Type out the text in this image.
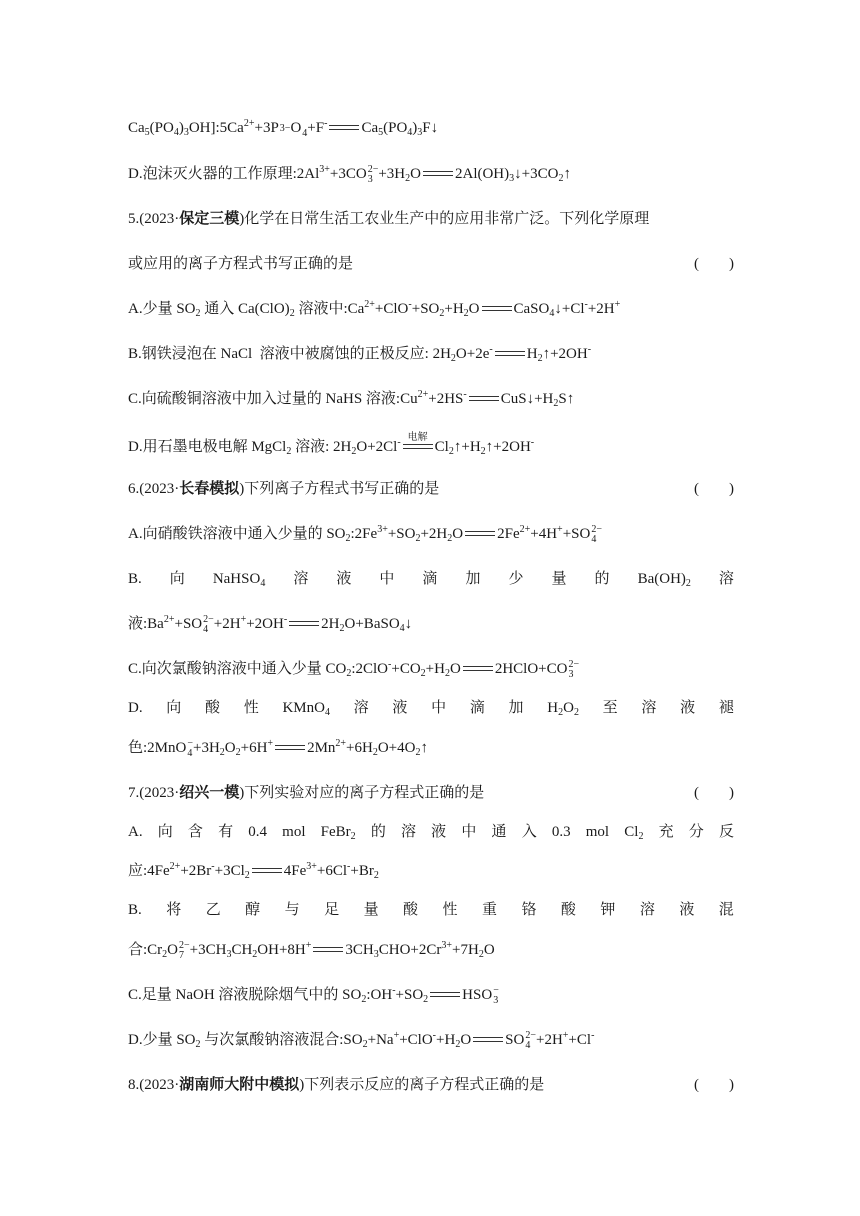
$Ca_5(PO_4)_3OH]:5Ca^{2+}+3P$ 3− O
4 +F- $Ca_5(PO_4)_3F↓$
D.泡沫灭火器的工作原理$:2Al^{3+}+3CO$ 2−
$3 +3H_2O$ $2Al(OH)_3↓+3CO_2↑$
5.(2023·保定三模)化学在日常生活工农业生产中的应用非常广泛。下列化学原理
或应用的离子方程式书写正确的是	(　　)
A.少量 $SO_2$ 通入 $Ca(ClO)_2$ 溶液中$:Ca^{2+}+ClO^-+SO_2+H_2O$ CaSO$_4$↓+Cl-+2H+
B.钢铁浸泡在 NaCl  溶液中被腐蚀的正极反应: $2H_2O+2e^-$ $H_2↑+2OH^-$
C.向硫酸铜溶液中加入过量的 NaHS 溶液$:Cu^{2+}+2HS^-$ $CuS↓+H_2S↑$
D.用石墨电极电解 MgCl$_2$ 溶液: $2H_2O+2Cl^-$ 电解
$Cl_2↑+H_2↑+2OH^-$
6.(2023·长春模拟)下列离子方程式书写正确的是	(　　)
A.向硝酸铁溶液中通入少量的 $SO_2:2Fe^{3+}+SO_2+2H_2O$ $2Fe^{2+}+4H^++SO$ 2−
4
B. 向 NaHSO$_4$ 溶 液 中 滴 加 少 量 的 $Ba(OH)_2$ 溶
液$:Ba^{2+}+SO$ 2−
4 +2H++2OH- $2H_2O+BaSO_4↓$
C.向次氯酸钠溶液中通入少量 $CO_2:2ClO^-+CO_2+H_2O$ 2HClO+CO 2−
3
D. 向 酸 性 KMnO$_4$ 溶 液 中 滴 加 $H_2O_2$ 至 溶 液 褪
色:2MnO −
$4 +3H_2O_2+6H^+$ $2Mn^{2+}+6H_2O+4O_2↑$
7.(2023·绍兴一模)下列实验对应的离子方程式正确的是	(　　)
A. 向 含 有 0.4 mol FeBr$_2$ 的 溶 液 中 通 入 0.3 mol $Cl_2$ 充 分 反
应$:4Fe^{2+}+2Br^-+3Cl_2$ $4Fe^{3+}+6Cl^-+Br_2$
B. 将 乙 醇 与 足 量 酸 性 重 铬 酸 钾 溶 液 混
合$:Cr_2O$ 2−
$7 +3CH_3CH_2OH+8H^+$ $3CH_3CHO+2Cr^{3+}+7H_2O$
C.足量 NaOH 溶液脱除烟气中的 $SO_2:OH^-+SO_2$ HSO −
3
D.少量 $SO_2$ 与次氯酸钠溶液混合$:SO_2+Na^++ClO^-+H_2O$ SO 2−
4 +2H++Cl-
8.(2023·湖南师大附中模拟)下列表示反应的离子方程式正确的是	(　　)
